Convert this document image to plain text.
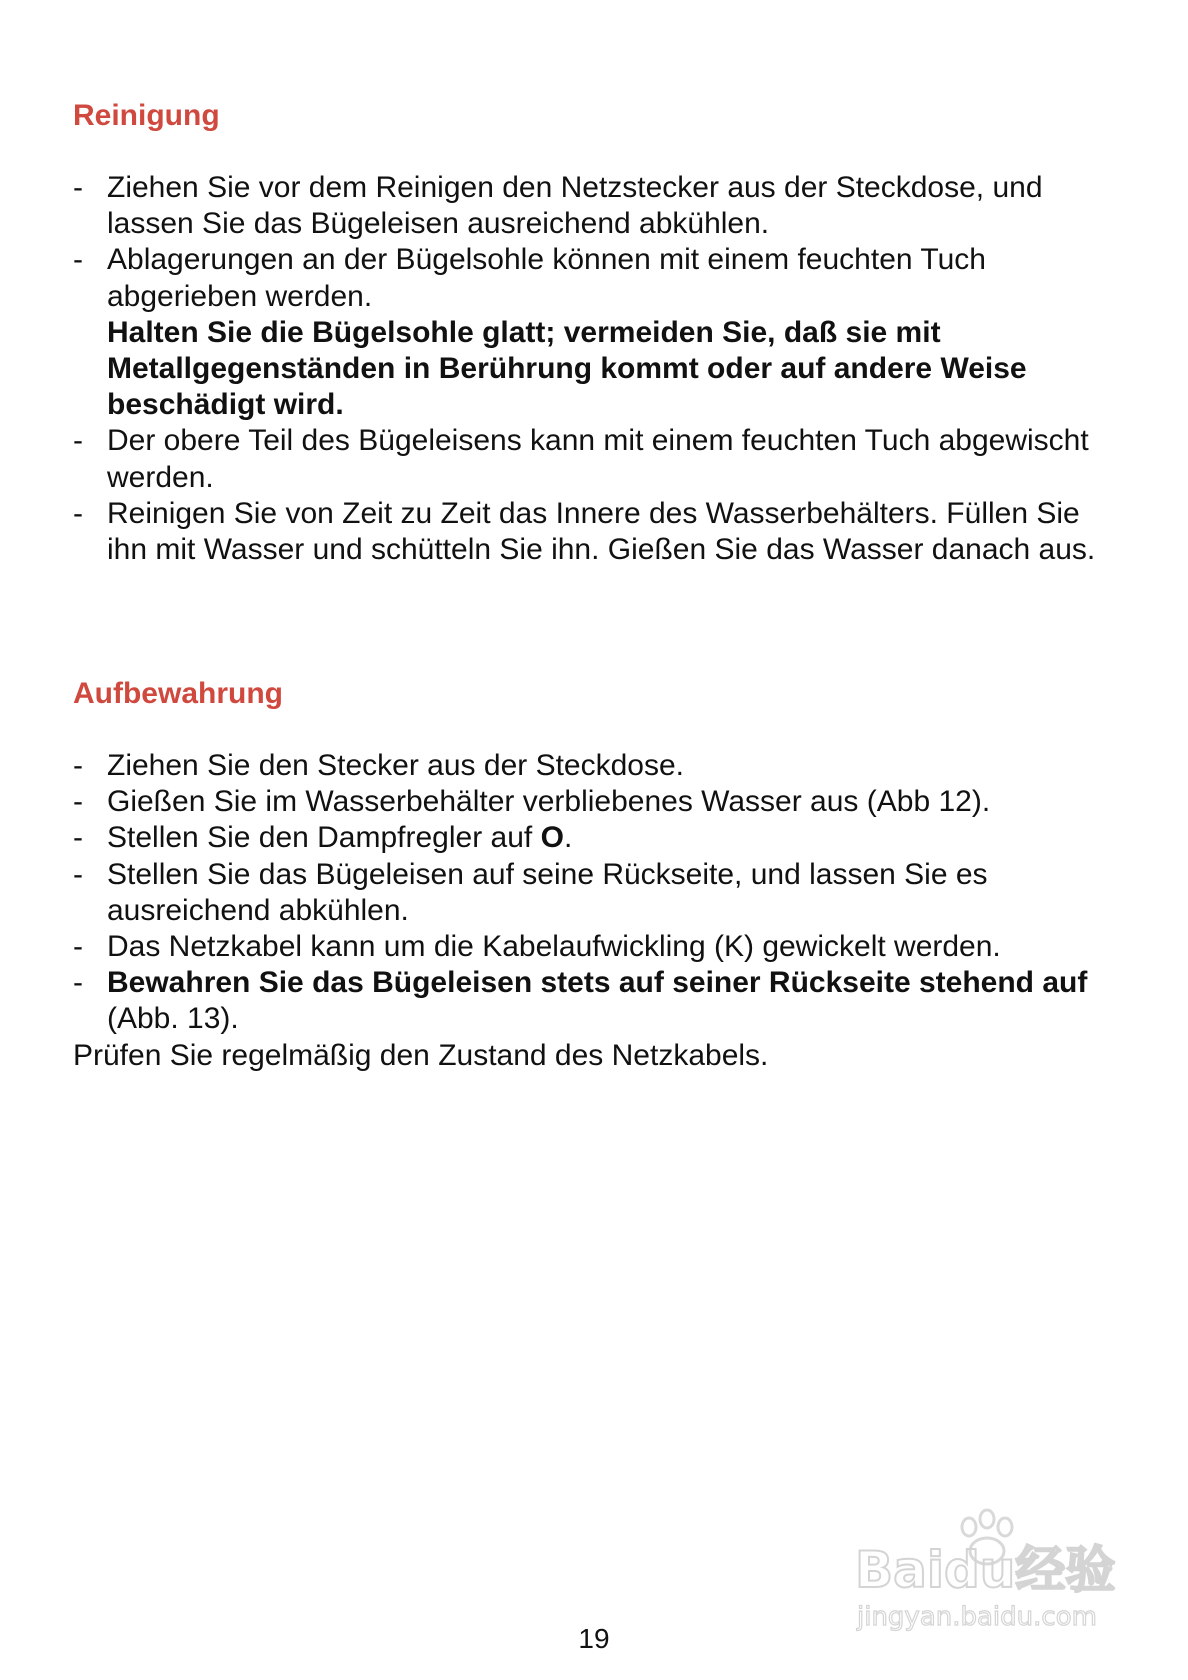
Reinigung
- Ziehen Sie vor dem Reinigen den Netzstecker aus der Steckdose, und lassen Sie das Bügeleisen ausreichend abkühlen.
- Ablagerungen an der Bügelsohle können mit einem feuchten Tuch abgerieben werden.
Halten Sie die Bügelsohle glatt; vermeiden Sie, daß sie mit Metallgegenständen in Berührung kommt oder auf andere Weise beschädigt wird.
- Der obere Teil des Bügeleisens kann mit einem feuchten Tuch abgewischt werden.
- Reinigen Sie von Zeit zu Zeit das Innere des Wasserbehälters. Füllen Sie ihn mit Wasser und schütteln Sie ihn. Gießen Sie das Wasser danach aus.
Aufbewahrung
- Ziehen Sie den Stecker aus der Steckdose.
- Gießen Sie im Wasserbehälter verbliebenes Wasser aus (Abb 12).
- Stellen Sie den Dampfregler auf O.
- Stellen Sie das Bügeleisen auf seine Rückseite, und lassen Sie es ausreichend abkühlen.
- Das Netzkabel kann um die Kabelaufwickling (K) gewickelt werden.
- Bewahren Sie das Bügeleisen stets auf seiner Rückseite stehend auf (Abb. 13).

Prüfen Sie regelmäßig den Zustand des Netzkabels.

Baidu经验
jingyan.baidu.com
19
